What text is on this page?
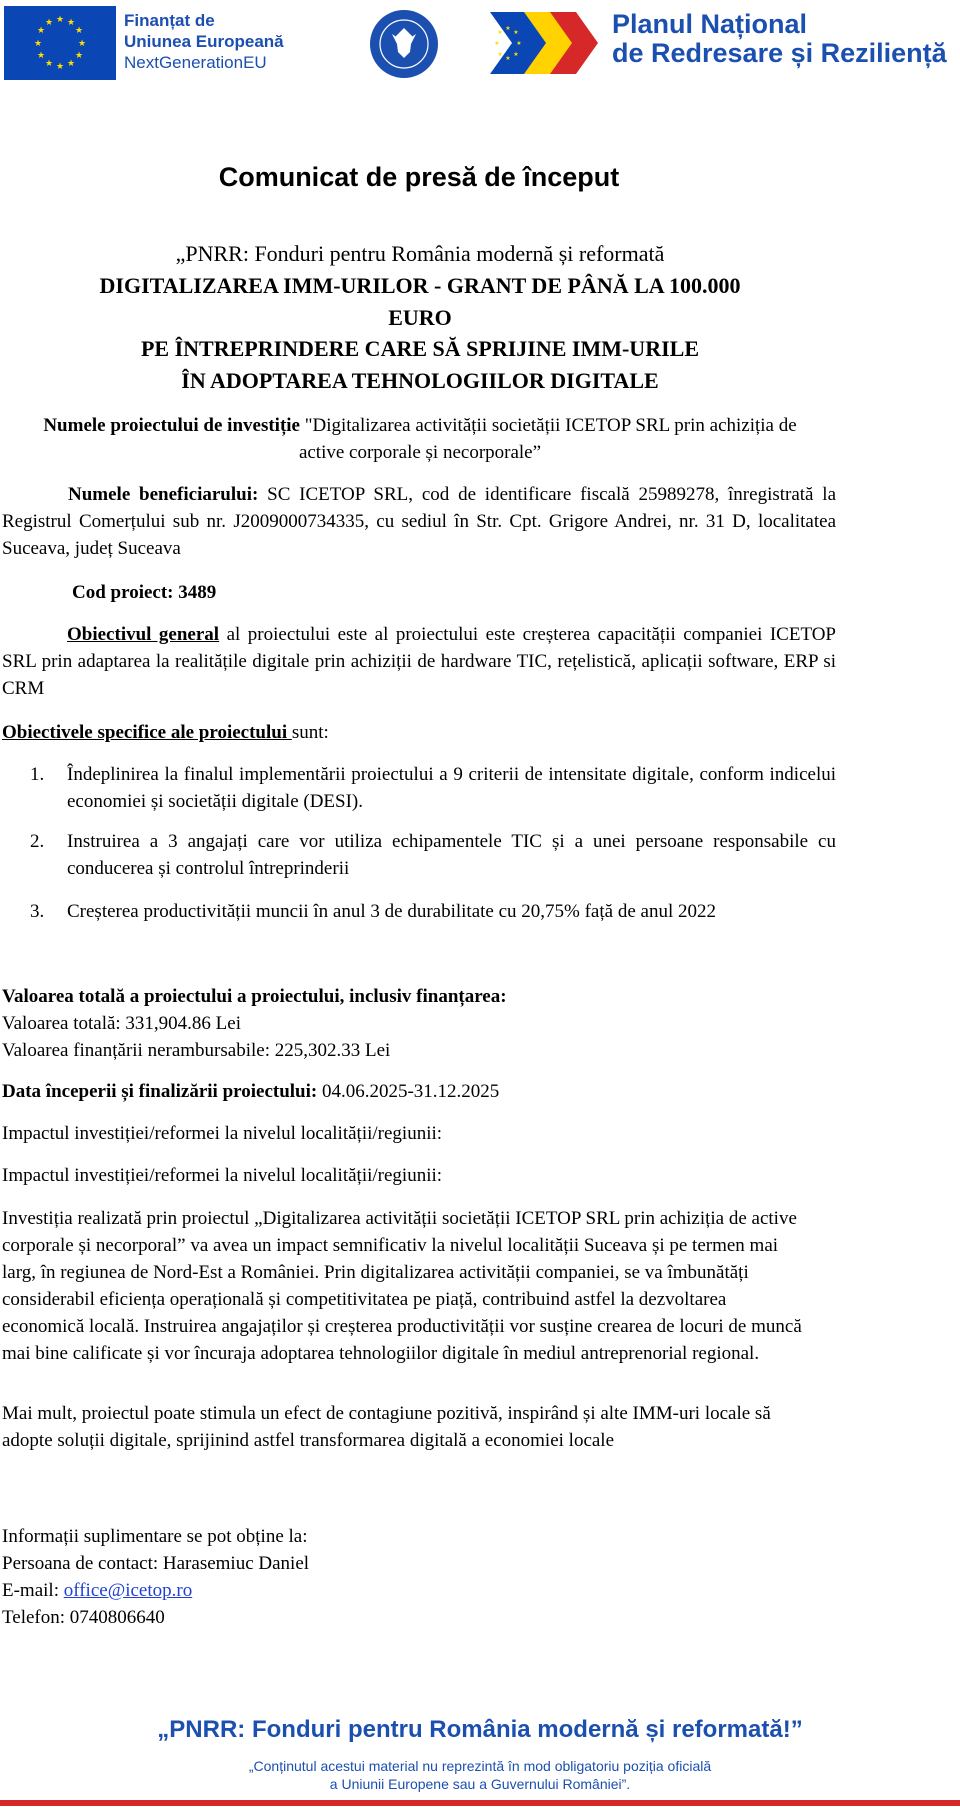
★ ★
★
★
★
★
★
★
★
★
★
★	Finanțat de
Uniunea Europeană
NextGenerationEU
★
★
★
★
★
★
★
★	Planul Național
de Redresare și Reziliență
Comunicat de presă de început
„PNRR: Fonduri pentru România modernă și reformată
DIGITALIZAREA IMM-URILOR - GRANT DE PÂNĂ LA 100.000
EURO
PE ÎNTREPRINDERE CARE SĂ SPRIJINE IMM-URILE
ÎN ADOPTAREA TEHNOLOGIILOR DIGITALE
Numele proiectului de investiție "Digitalizarea activității societății ICETOP SRL prin achiziția de active corporale și necorporale”
Numele beneficiarului: SC ICETOP SRL, cod de identificare fiscală 25989278, înregistrată la Registrul Comerțului sub nr. J2009000734335, cu sediul în Str. Cpt. Grigore Andrei, nr. 31 D, localitatea Suceava, județ Suceava
Cod proiect: 3489
Obiectivul general al proiectului este al proiectului este creșterea capacității companiei ICETOP SRL prin adaptarea la realitățile digitale prin achiziții de hardware TIC, rețelistică, aplicații software, ERP si CRM
Obiectivele specifice ale proiectului sunt:
1. Îndeplinirea la finalul implementării proiectului a 9 criterii de intensitate digitale, conform indicelui economiei și societății digitale (DESI).
2. Instruirea a 3 angajați care vor utiliza echipamentele TIC și a unei persoane responsabile cu conducerea și controlul întreprinderii
3. Creșterea productivității muncii în anul 3 de durabilitate cu 20,75% față de anul 2022
Valoarea totală a proiectului a proiectului, inclusiv finanțarea:
Valoarea totală: 331,904.86 Lei
Valoarea finanțării nerambursabile: 225,302.33 Lei
Data începerii și finalizării proiectului: 04.06.2025-31.12.2025
Impactul investiției/reformei la nivelul localității/regiunii:
Impactul investiției/reformei la nivelul localității/regiunii:
Investiția realizată prin proiectul „Digitalizarea activității societății ICETOP SRL prin achiziția de active corporale și necorporal” va avea un impact semnificativ la nivelul localității Suceava și pe termen mai larg, în regiunea de Nord-Est a României. Prin digitalizarea activității companiei, se va îmbunătăți considerabil eficiența operațională și competitivitatea pe piață, contribuind astfel la dezvoltarea economică locală. Instruirea angajaților și creșterea productivității vor susține crearea de locuri de muncă mai bine calificate și vor încuraja adoptarea tehnologiilor digitale în mediul antreprenorial regional.
Mai mult, proiectul poate stimula un efect de contagiune pozitivă, inspirând și alte IMM-uri locale să adopte soluții digitale, sprijinind astfel transformarea digitală a economiei locale
Informații suplimentare se pot obține la:
Persoana de contact: Harasemiuc Daniel
E-mail: office@icetop.ro
Telefon: 0740806640
„PNRR: Fonduri pentru România modernă și reformată!”
„Conținutul acestui material nu reprezintă în mod obligatoriu poziția oficială
a Uniunii Europene sau a Guvernului României”.
